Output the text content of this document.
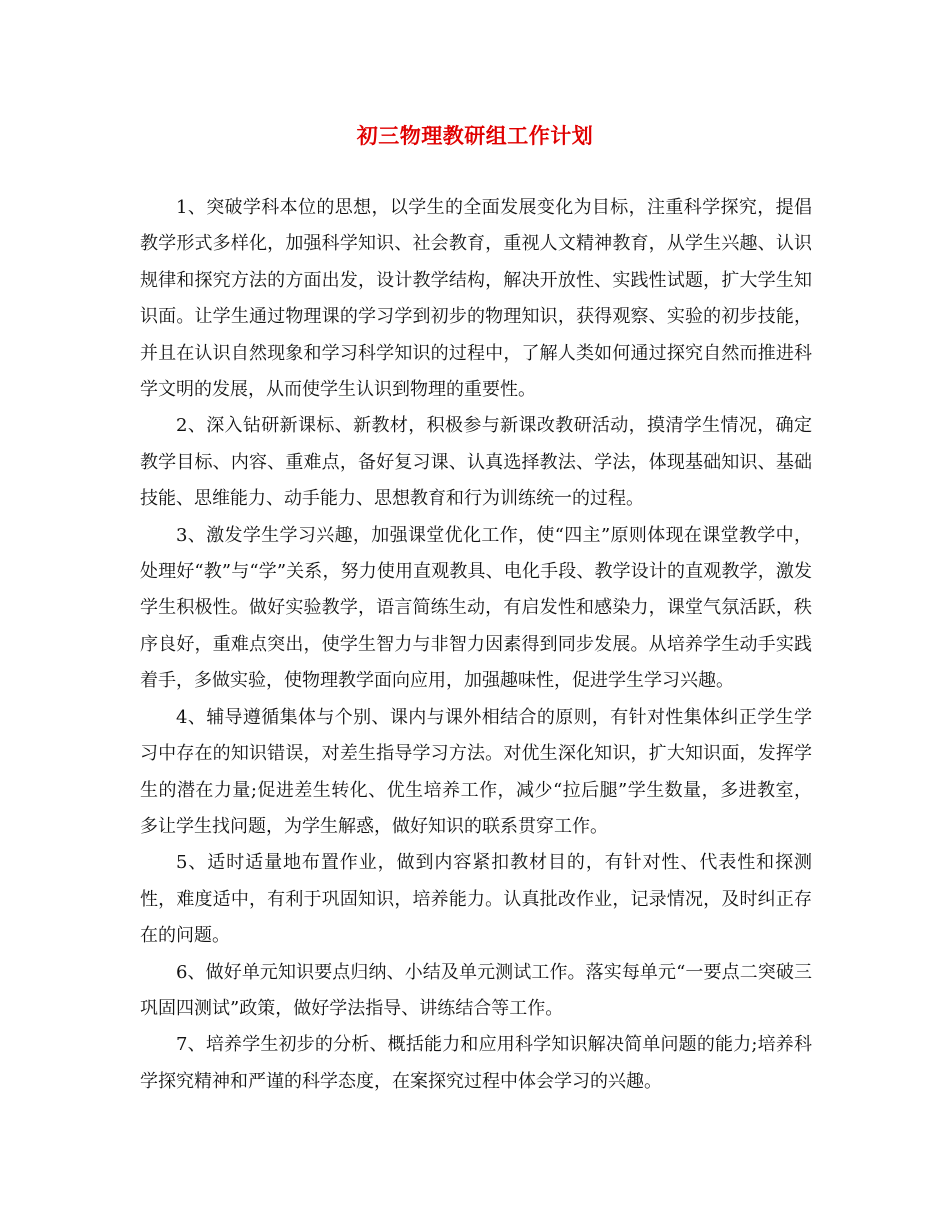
初三物理教研组工作计划

1、突破学科本位的思想，以学生的全面发展变化为目标，注重科学探究，提倡教学形式多样化，加强科学知识、社会教育，重视人文精神教育，从学生兴趣、认识规律和探究方法的方面出发，设计教学结构，解决开放性、实践性试题，扩大学生知识面。让学生通过物理课的学习学到初步的物理知识，获得观察、实验的初步技能，并且在认识自然现象和学习科学知识的过程中，了解人类如何通过探究自然而推进科学文明的发展，从而使学生认识到物理的重要性。

2、深入钻研新课标、新教材，积极参与新课改教研活动，摸清学生情况，确定教学目标、内容、重难点，备好复习课、认真选择教法、学法，体现基础知识、基础技能、思维能力、动手能力、思想教育和行为训练统一的过程。

3、激发学生学习兴趣，加强课堂优化工作，使“四主”原则体现在课堂教学中，处理好“教”与“学”关系，努力使用直观教具、电化手段、教学设计的直观教学，激发学生积极性。做好实验教学，语言简练生动，有启发性和感染力，课堂气氛活跃，秩序良好，重难点突出，使学生智力与非智力因素得到同步发展。从培养学生动手实践着手，多做实验，使物理教学面向应用，加强趣味性，促进学生学习兴趣。

4、辅导遵循集体与个别、课内与课外相结合的原则，有针对性集体纠正学生学习中存在的知识错误，对差生指导学习方法。对优生深化知识，扩大知识面，发挥学生的潜在力量;促进差生转化、优生培养工作，减少“拉后腿”学生数量，多进教室，多让学生找问题，为学生解惑，做好知识的联系贯穿工作。

5、适时适量地布置作业，做到内容紧扣教材目的，有针对性、代表性和探测性，难度适中，有利于巩固知识，培养能力。认真批改作业，记录情况，及时纠正存在的问题。

6、做好单元知识要点归纳、小结及单元测试工作。落实每单元“一要点二突破三巩固四测试”政策，做好学法指导、讲练结合等工作。

7、培养学生初步的分析、概括能力和应用科学知识解决简单问题的能力;培养科学探究精神和严谨的科学态度，在案探究过程中体会学习的兴趣。
